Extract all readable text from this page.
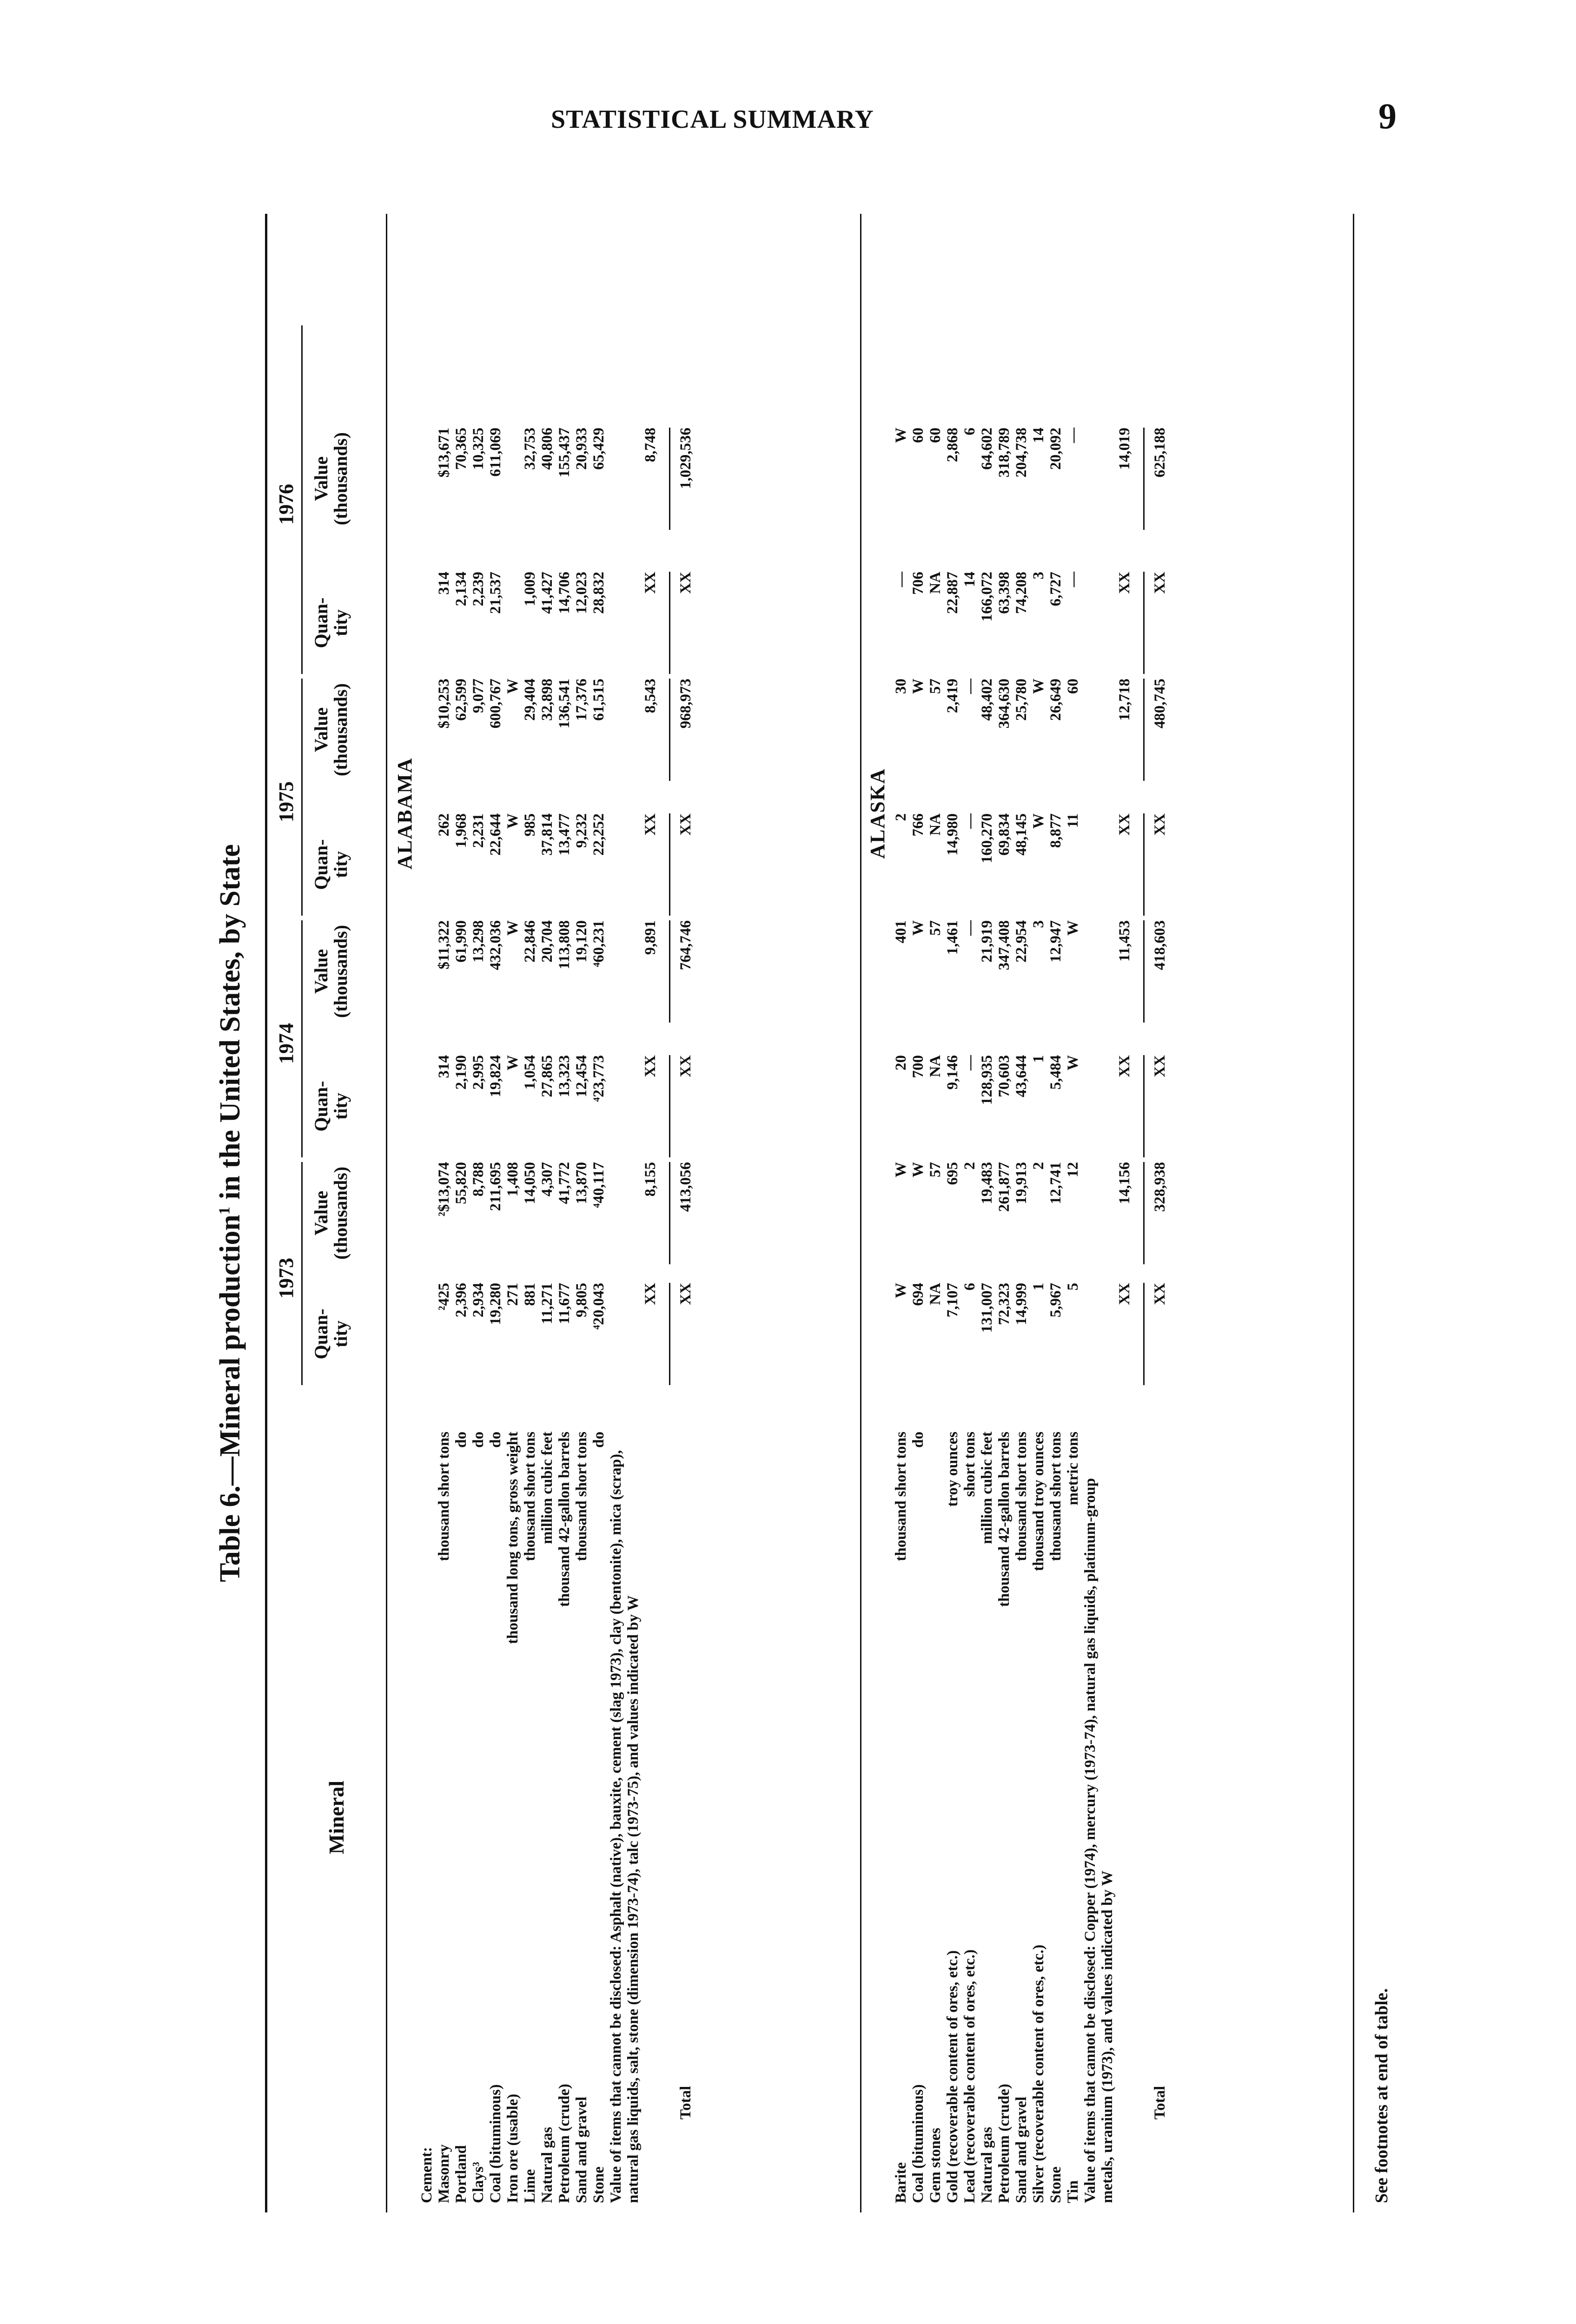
STATISTICAL SUMMARY	9
Table 6.—Mineral production$^1$ in the United States, by State
Mineral
ALABAMA
Cement: Masonry
thousand short tons
²425
²$13,074
314
$11,322
262
$10,253
314
$13,671
Portland
do
2,396
55,820
2,190
61,990
1,968
62,599
2,134
70,365
Clays³
do
2,934
8,788
2,995
13,298
2,231
9,077
2,239
10,325
Coal (bituminous)
do
19,280
211,695
19,824
432,036
22,644
600,767
21,537
611,069
Iron ore (usable)
thousand long tons, gross weight
271
1,408
W
W
W
W
Lime
thousand short tons
881
14,050
1,054
22,846
985
29,404
1,009
32,753
Natural gas
million cubic feet
11,271
4,307
27,865
20,704
37,814
32,898
41,427
40,806
Petroleum (crude)
thousand 42-gallon barrels
11,677
41,772
13,323
113,808
13,477
136,541
14,706
155,437
Sand and gravel
thousand short tons
9,805
13,870
12,454
19,120
9,232
17,376
12,023
20,933
Stone
do
⁴20,043
⁴40,117
⁴23,773
⁴60,231
22,252
61,515
28,832
65,429
Value of items that cannot be disclosed: Asphalt (native), bauxite, cement (slag 1973), clay (bentonite), mica (scrap), natural gas liquids, salt, stone (dimension 1973-74), talc (1973-75), and values indicated by W
XX
8,155
XX
9,891
XX
8,543
XX
8,748
Total
XX
413,056
XX
764,746
XX
968,973
XX
1,029,536
ALASKA
Barite
thousand short tons
W
W
20
401
2
30
—
W
Coal (bituminous)
do
694
W
700
W
766
W
706
60
Gem stones
NA
57
NA
57
NA
57
NA
60
Gold (recoverable content of ores, etc.)
troy ounces
7,107
695
9,146
1,461
14,980
2,419
22,887
2,868
Lead (recoverable content of ores, etc.)
short tons
6
2
—
—
—
—
14
6
Natural gas
million cubic feet
131,007
19,483
128,935
21,919
160,270
48,402
166,072
64,602
Petroleum (crude)
thousand 42-gallon barrels
72,323
261,877
70,603
347,408
69,834
364,630
63,398
318,789
Sand and gravel
thousand short tons
14,999
19,913
43,644
22,954
48,145
25,780
74,208
204,738
Silver (recoverable content of ores, etc.)
thousand troy ounces
1
2
1
3
W
W
3
14
Stone
thousand short tons
5,967
12,741
5,484
12,947
8,877
26,649
6,727
20,092
Tin
metric tons
5
12
W
W
11
60
—
—
Value of items that cannot be disclosed: Copper (1974), mercury (1973-74), natural gas liquids, platinum-group metals, uranium (1973), and values indicated by W
XX
14,156
XX
11,453
XX
12,718
XX
14,019
Total
XX
328,938
XX
418,603
XX
480,745
XX
625,188
See footnotes at end of table.
1973
1974
1975
1976
Quan-
tity
Value
(thousands)
Quan-
tity
Value
(thousands)
Quan-
tity
Value
(thousands)
Quan-
tity
Value
(thousands)
